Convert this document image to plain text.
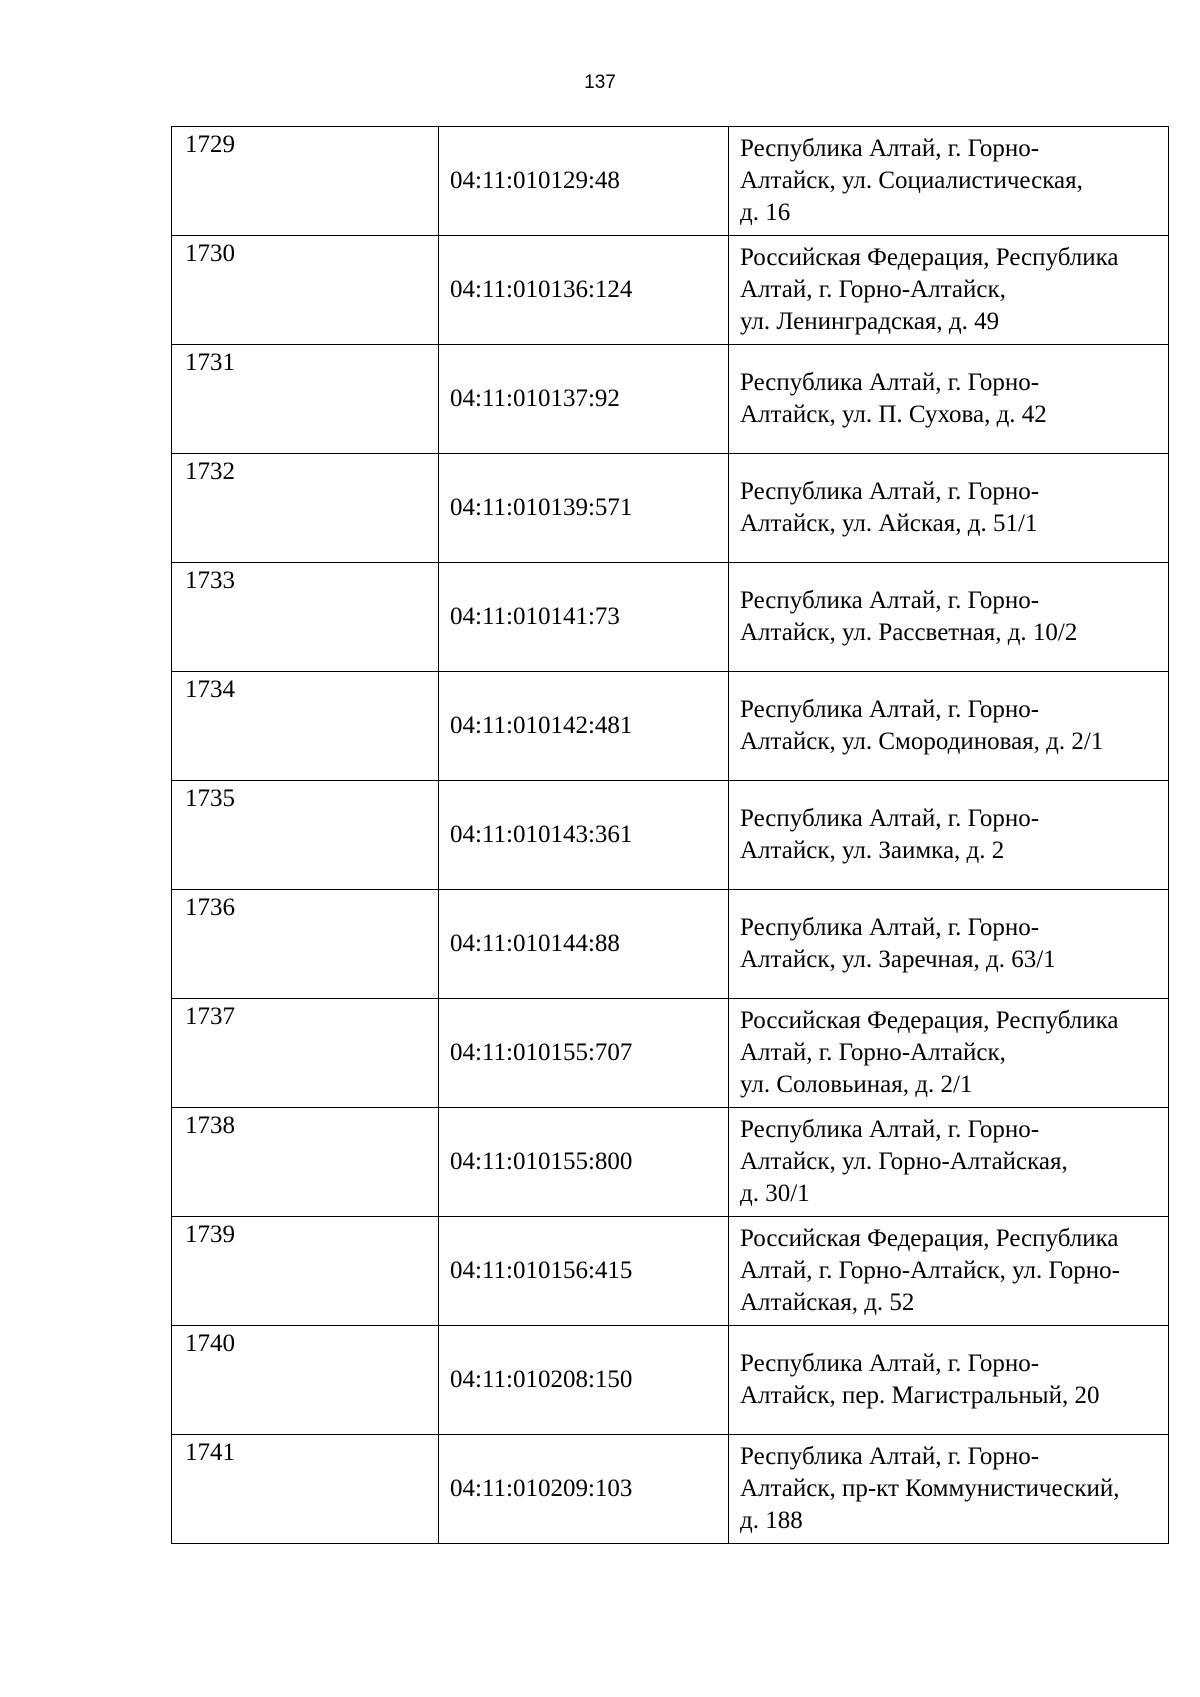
137
1729	04:11:010129:48	Республика Алтай, г. Горно-
Алтайск, ул. Социалистическая,
д. 16

1730	04:11:010136:124	Российская Федерация, Республика
Алтай, г. Горно-Алтайск,
ул. Ленинградская, д. 49

1731	04:11:010137:92	Республика Алтай, г. Горно-
Алтайск, ул. П. Сухова, д. 42

1732	04:11:010139:571	Республика Алтай, г. Горно-
Алтайск, ул. Айская, д. 51/1

1733	04:11:010141:73	Республика Алтай, г. Горно-
Алтайск, ул. Рассветная, д. 10/2

1734	04:11:010142:481	Республика Алтай, г. Горно-
Алтайск, ул. Смородиновая, д. 2/1

1735	04:11:010143:361	Республика Алтай, г. Горно-
Алтайск, ул. Заимка, д. 2

1736	04:11:010144:88	Республика Алтай, г. Горно-
Алтайск, ул. Заречная, д. 63/1

1737	04:11:010155:707	Российская Федерация, Республика
Алтай, г. Горно-Алтайск,
ул. Соловьиная, д. 2/1

1738	04:11:010155:800	Республика Алтай, г. Горно-
Алтайск, ул. Горно-Алтайская,
д. 30/1

1739	04:11:010156:415	Российская Федерация, Республика
Алтай, г. Горно-Алтайск, ул. Горно-
Алтайская, д. 52

1740	04:11:010208:150	Республика Алтай, г. Горно-
Алтайск, пер. Магистральный, 20

1741	04:11:010209:103	Республика Алтай, г. Горно-
Алтайск, пр-кт Коммунистический,
д. 188
